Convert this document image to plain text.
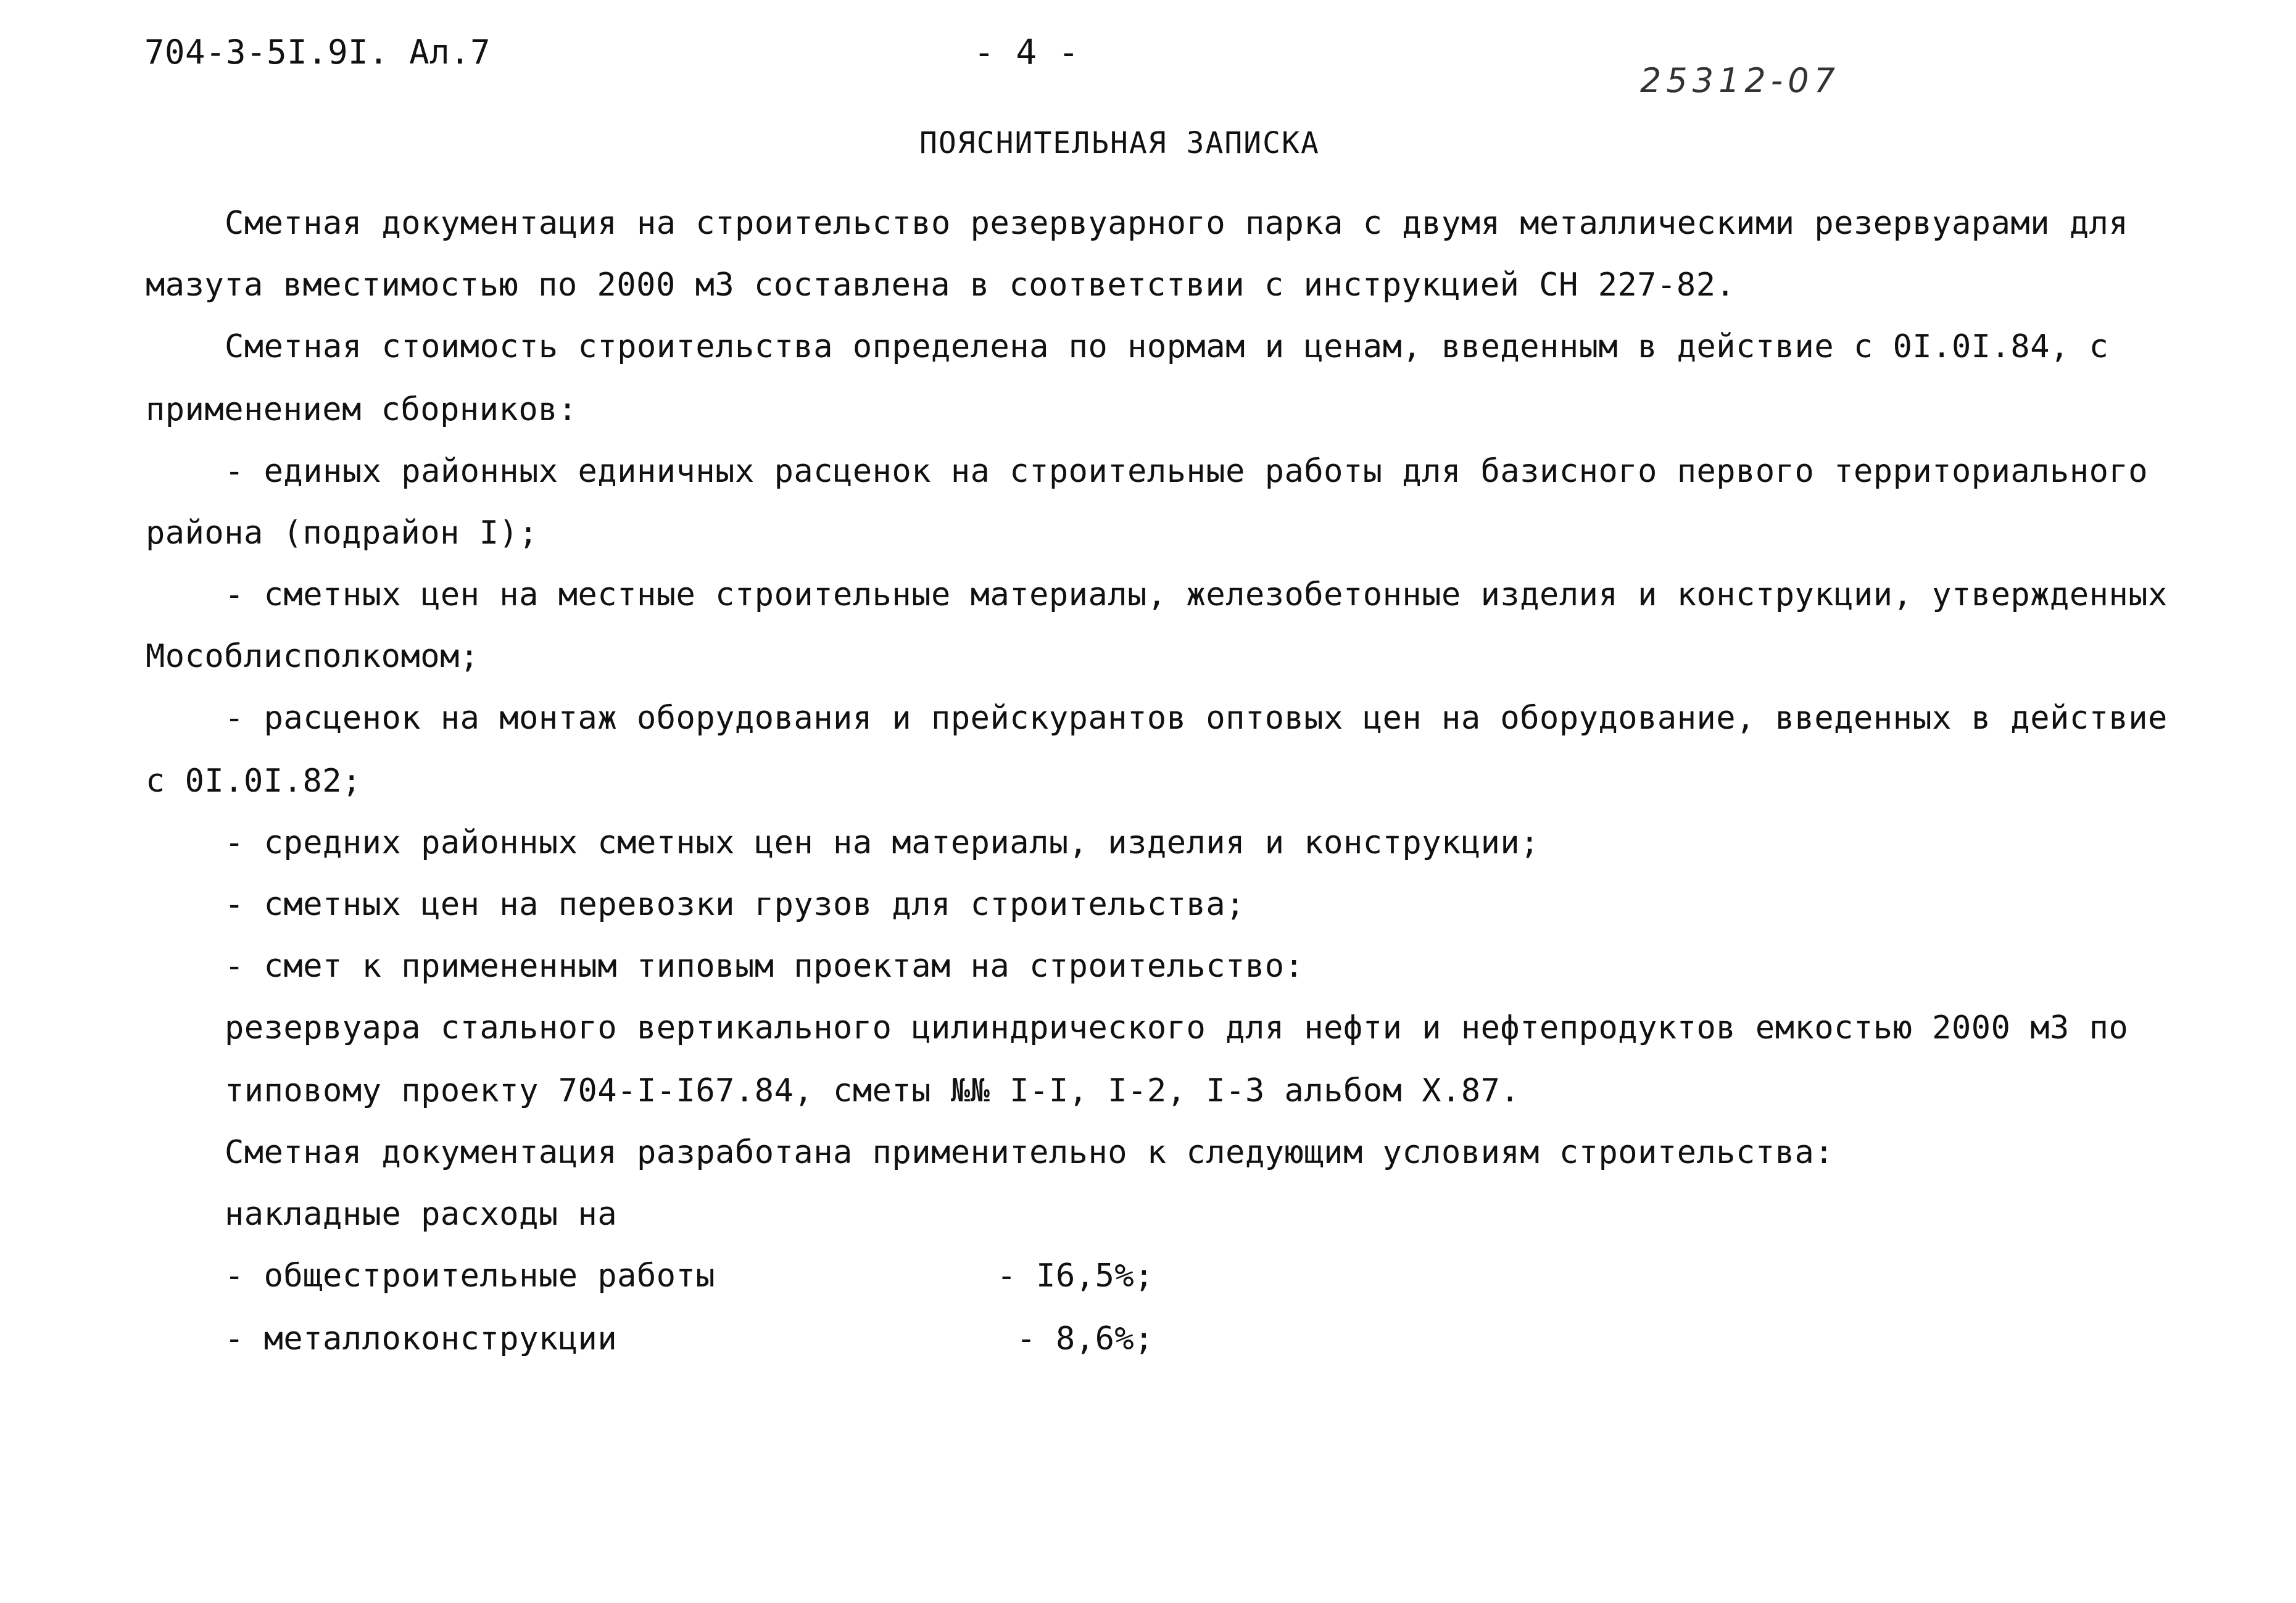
704-3-5I.9I. Ал.7	- 4 -
25312-07
ПОЯСНИТЕЛЬНАЯ ЗАПИСКА
Сметная документация на строительство резервуарного парка с двумя металлическими резервуарами для
мазута вместимостью по 2000 м3 составлена в соответствии с инструкцией СН 227-82.
Сметная стоимость строительства определена по нормам и ценам, введенным в действие с 0I.0I.84, с
применением сборников:
- единых районных единичных расценок на строительные работы для базисного первого территориального
района (подрайон I);
- сметных цен на местные строительные материалы, железобетонные изделия и конструкции, утвержденных
Мособлисполкомом;
- расценок на монтаж оборудования и прейскурантов оптовых цен на оборудование, введенных в действие
с 0I.0I.82;
- средних районных сметных цен на материалы, изделия и конструкции;
- сметных цен на перевозки грузов для строительства;
- смет к примененным типовым проектам на строительство:
резервуара стального вертикального цилиндрического для нефти и нефтепродуктов емкостью 2000 м3 по
типовому проекту 704-I-I67.84, сметы №№ I-I, I-2, I-3 альбом X.87.
Сметная документация разработана применительно к следующим условиям строительства:
накладные расходы на
- общестроительные работы	- I6,5%;
- металлоконструкции	- 8,6%;
